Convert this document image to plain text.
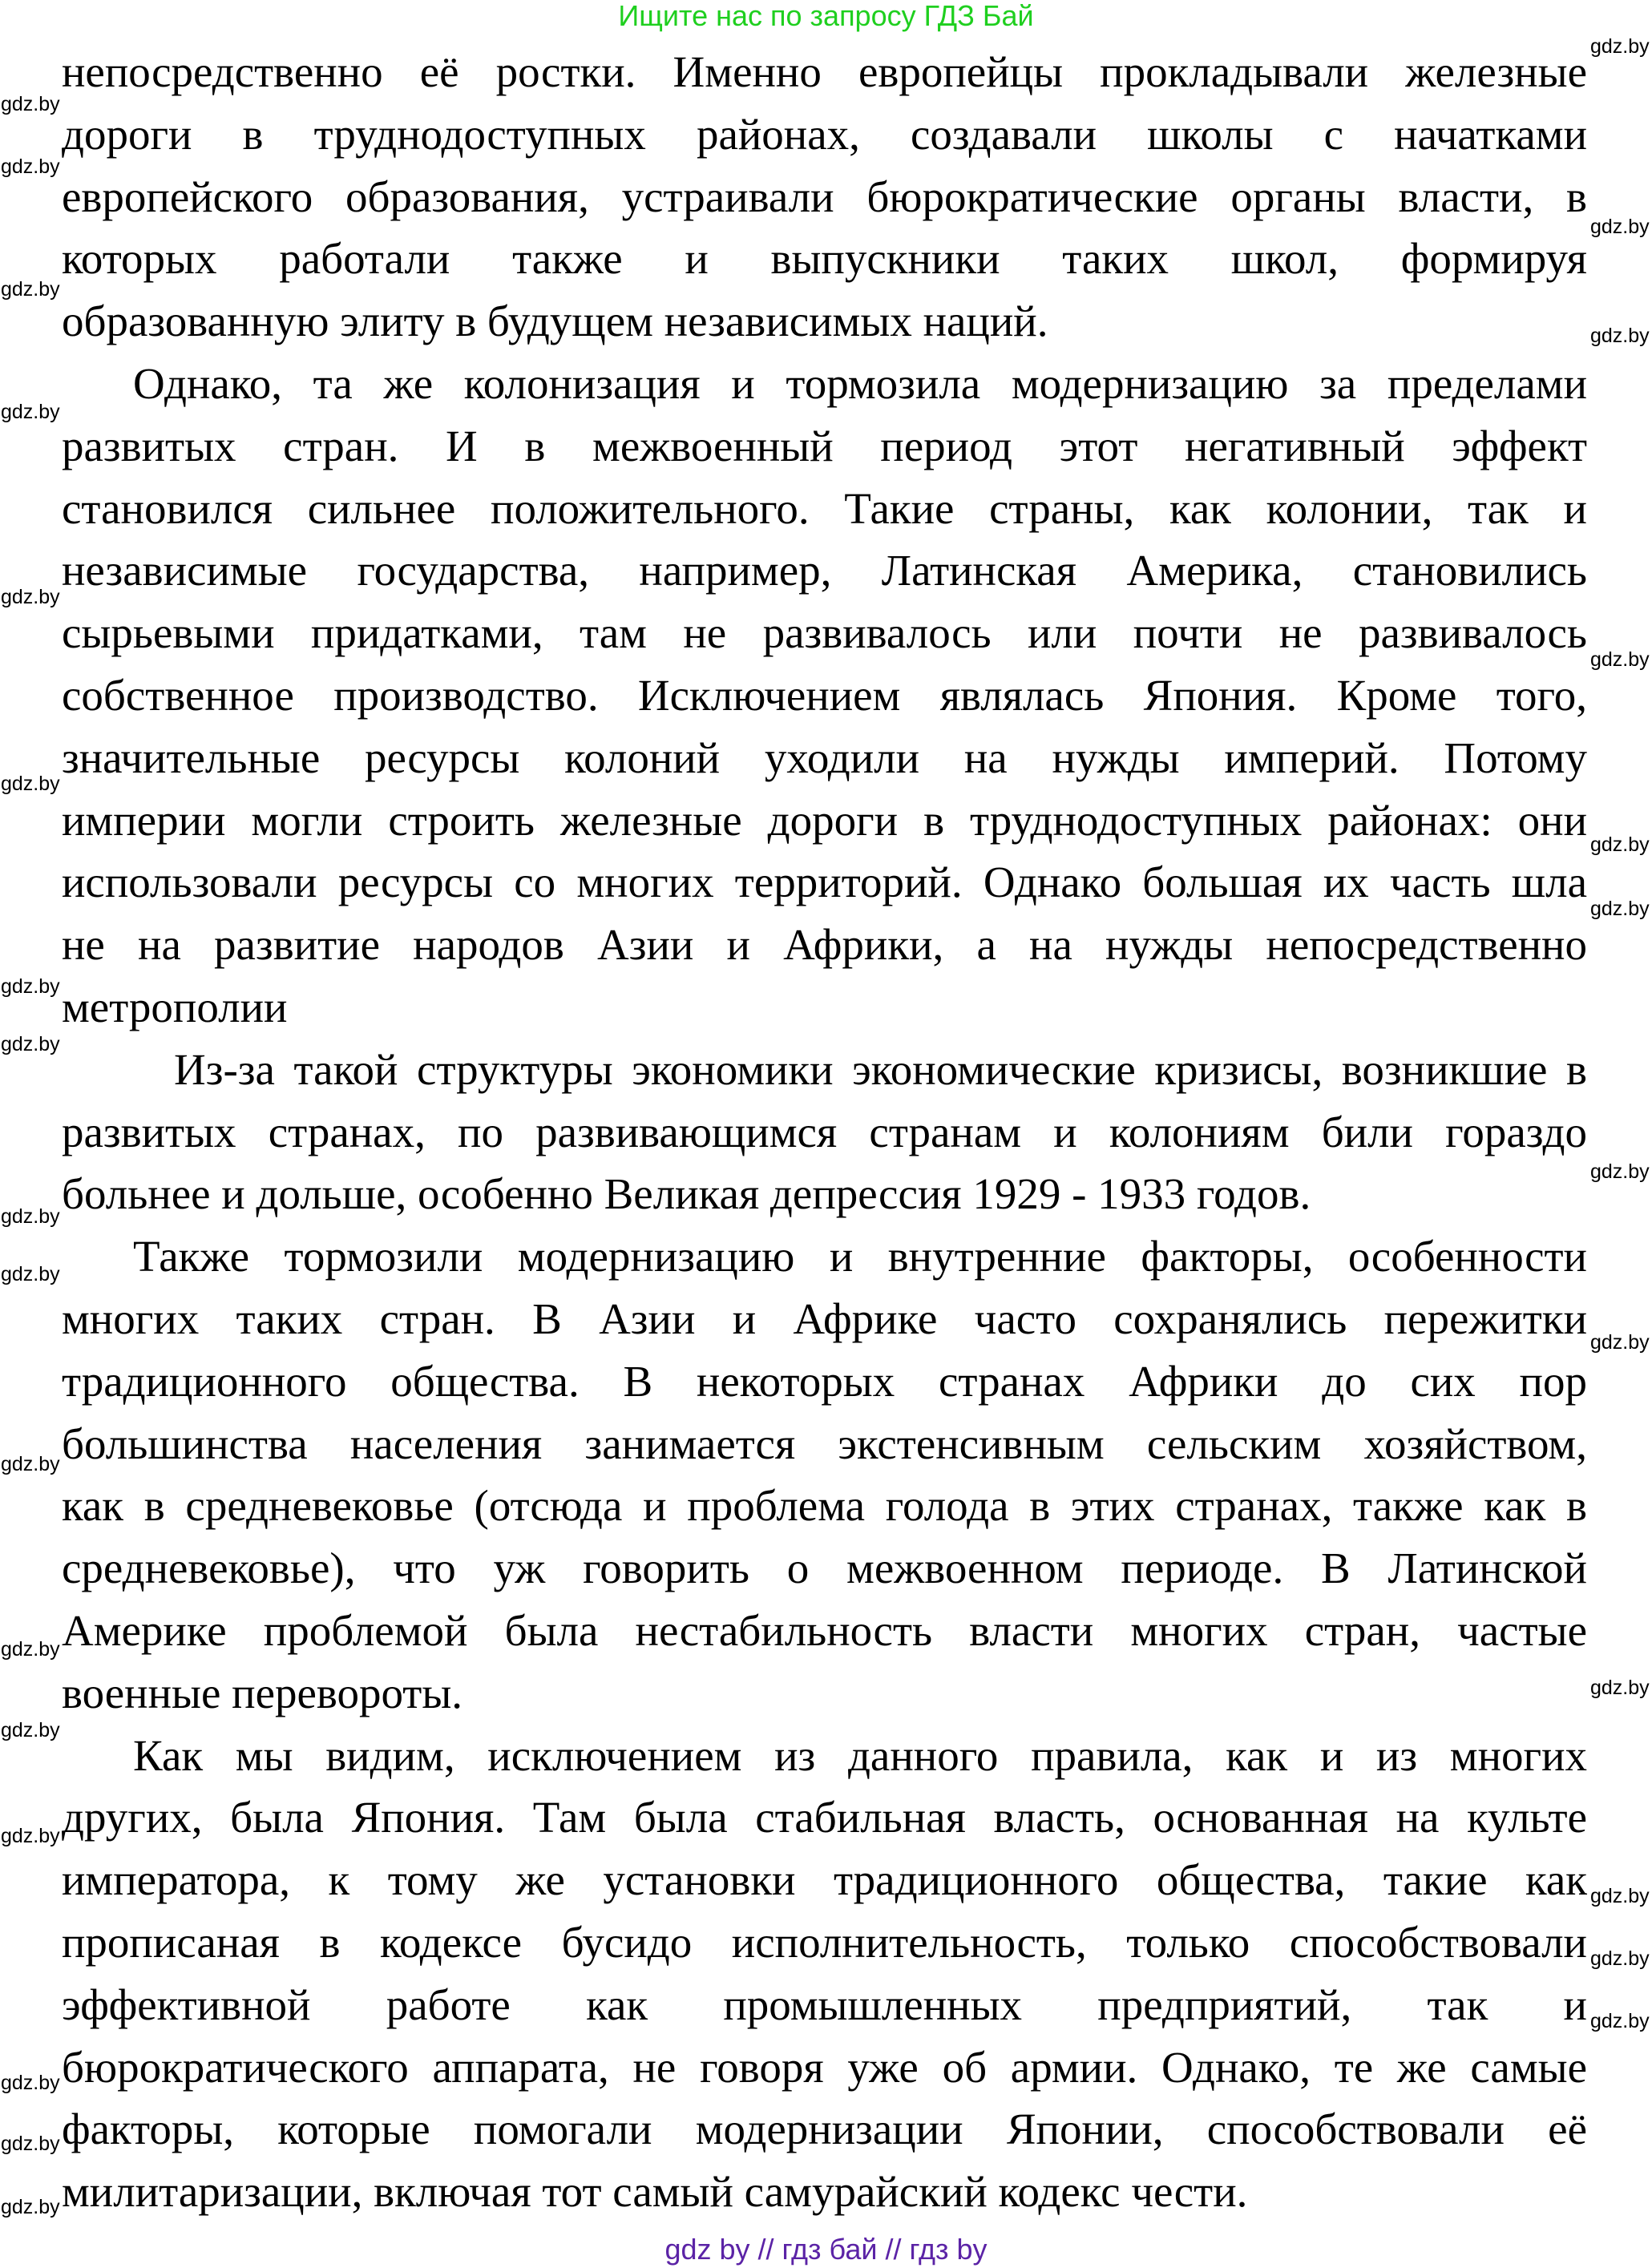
Ищите нас по запросу ГДЗ Бай
непосредственно её ростки. Именно европейцы прокладывали железные
дороги в труднодоступных районах, создавали школы с начатками
европейского образования, устраивали бюрократические органы власти, в
которых работали также и выпускники таких школ, формируя
образованную элиту в будущем независимых наций.
Однако, та же колонизация и тормозила модернизацию за пределами
развитых стран. И в межвоенный период этот негативный эффект
становился сильнее положительного. Такие страны, как колонии, так и
независимые государства, например, Латинская Америка, становились
сырьевыми придатками, там не развивалось или почти не развивалось
собственное производство. Исключением являлась Япония. Кроме того,
значительные ресурсы колоний уходили на нужды империй. Потому
империи могли строить железные дороги в труднодоступных районах: они
использовали ресурсы со многих территорий. Однако большая их часть шла
не на развитие народов Азии и Африки, а на нужды непосредственно
метрополии
Из-за такой структуры экономики экономические кризисы, возникшие в
развитых странах, по развивающимся странам и колониям били гораздо
больнее и дольше, особенно Великая депрессия 1929 - 1933 годов.
Также тормозили модернизацию и внутренние факторы, особенности
многих таких стран. В Азии и Африке часто сохранялись пережитки
традиционного общества. В некоторых странах Африки до сих пор
большинства населения занимается экстенсивным сельским хозяйством,
как в средневековье (отсюда и проблема голода в этих странах, также как в
средневековье), что уж говорить о межвоенном периоде. В Латинской
Америке проблемой была нестабильность власти многих стран, частые
военные перевороты.
Как мы видим, исключением из данного правила, как и из многих
других, была Япония. Там была стабильная власть, основанная на культе
императора, к тому же установки традиционного общества, такие как
прописаная в кодексе бусидо исполнительность, только способствовали
эффективной работе как промышленных предприятий, так и
бюрократического аппарата, не говоря уже об армии. Однако, те же самые
факторы, которые помогали модернизации Японии, способствовали её
милитаризации, включая тот самый самурайский кодекс чести.
gdz.by
gdz.by
gdz.by
gdz.by
gdz.by
gdz.by
gdz.by
gdz.by
gdz.by
gdz.by
gdz.by
gdz.by
gdz.by
gdz.by
gdz.by
gdz.by
gdz.by
gdz.by
gdz.by
gdz.by
gdz.by
gdz.by
gdz.by
gdz.by
gdz.by
gdz.by
gdz.by
gdz.by
gdz.by
gdz by // гдз бай // гдз by
